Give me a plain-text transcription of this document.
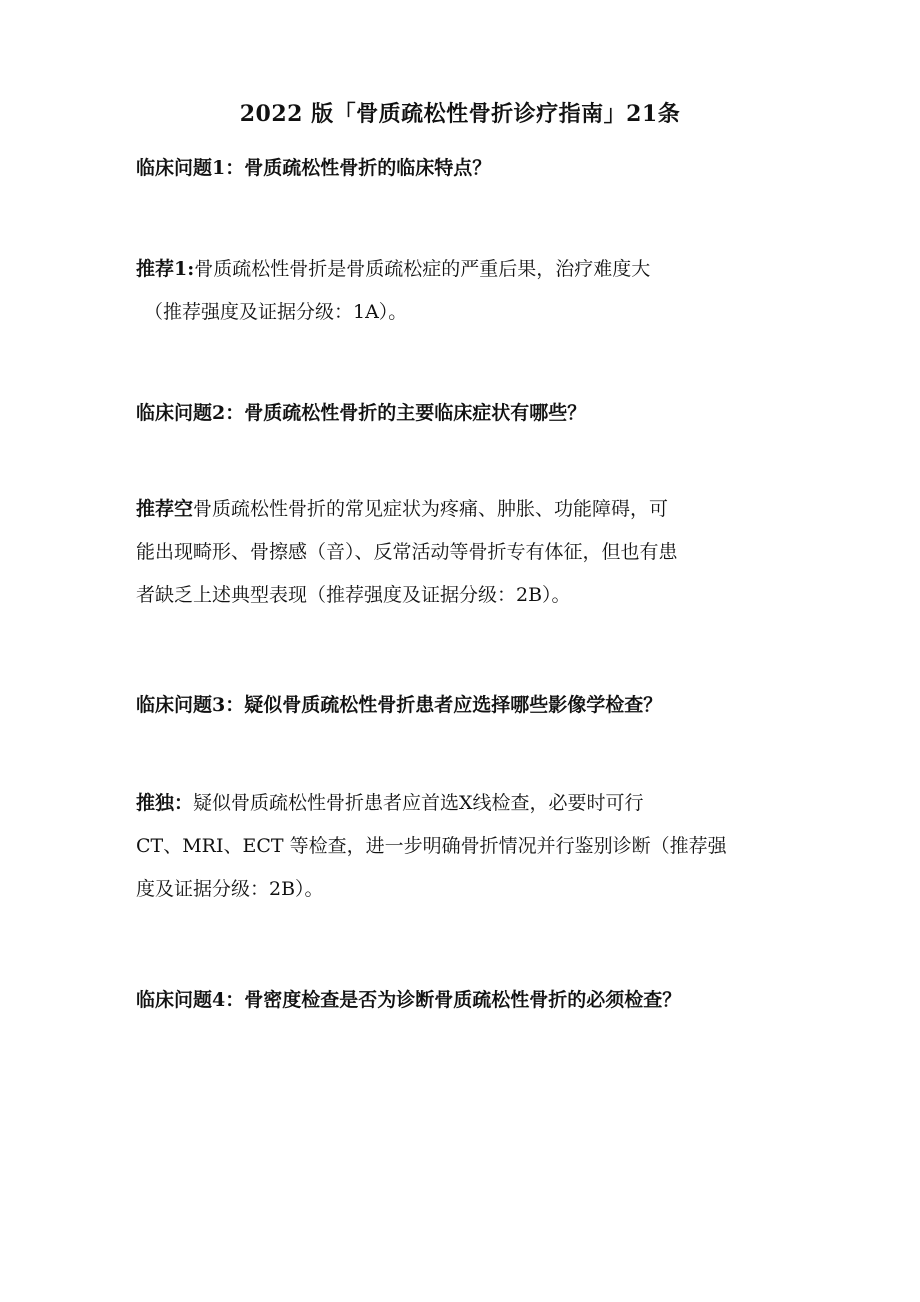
2022 版「骨质疏松性骨折诊疗指南」21条

临床问题1：骨质疏松性骨折的临床特点？

推荐1:骨质疏松性骨折是骨质疏松症的严重后果，治疗难度大
（推荐强度及证据分级：1A）。

临床问题2：骨质疏松性骨折的主要临床症状有哪些？

推荐空骨质疏松性骨折的常见症状为疼痛、肿胀、功能障碍，可
能出现畸形、骨擦感（音）、反常活动等骨折专有体征，但也有患
者缺乏上述典型表现（推荐强度及证据分级：2B）。

临床问题3：疑似骨质疏松性骨折患者应选择哪些影像学检查？

推独：疑似骨质疏松性骨折患者应首选X线检查，必要时可行
CT、MRI、ECT 等检查，进一步明确骨折情况并行鉴别诊断（推荐强
度及证据分级：2B）。

临床问题4：骨密度检查是否为诊断骨质疏松性骨折的必须检查？
